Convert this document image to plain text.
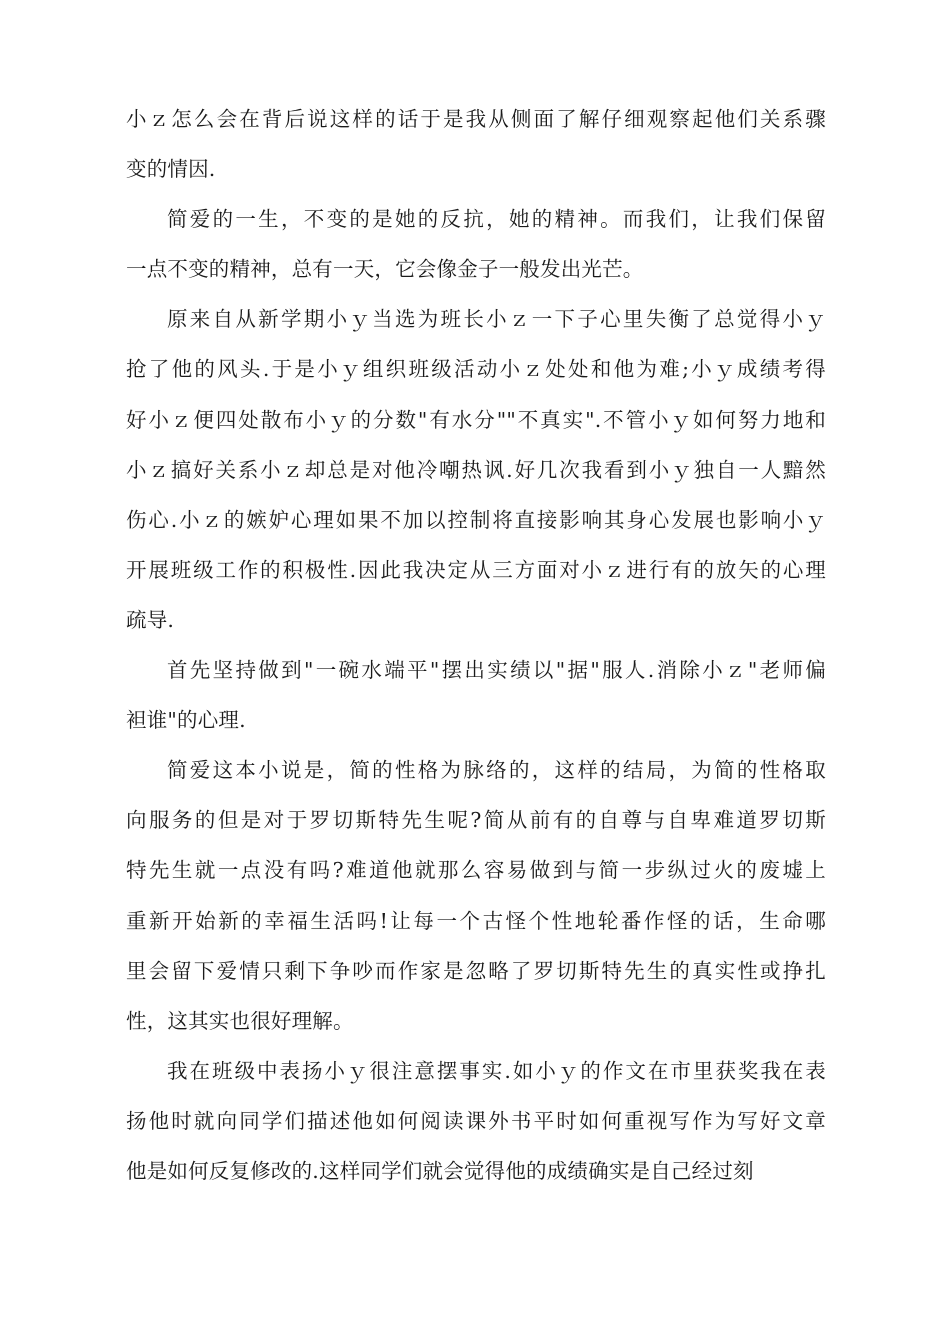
小ｚ怎么会在背后说这样的话于是我从侧面了解仔细观察起他们关系骤
变的情因.
简爱的一生，不变的是她的反抗，她的精神。而我们，让我们保留
一点不变的精神，总有一天，它会像金子一般发出光芒。
原来自从新学期小ｙ当选为班长小ｚ一下子心里失衡了总觉得小ｙ
抢了他的风头.于是小ｙ组织班级活动小ｚ处处和他为难;小ｙ成绩考得
好小ｚ便四处散布小ｙ的分数"有水分""不真实".不管小ｙ如何努力地和
小ｚ搞好关系小ｚ却总是对他冷嘲热讽.好几次我看到小ｙ独自一人黯然
伤心.小ｚ的嫉妒心理如果不加以控制将直接影响其身心发展也影响小ｙ
开展班级工作的积极性.因此我决定从三方面对小ｚ进行有的放矢的心理
疏导.
首先坚持做到"一碗水端平"摆出实绩以"据"服人.消除小ｚ"老师偏
袒谁"的心理.
简爱这本小说是，简的性格为脉络的，这样的结局，为简的性格取
向服务的但是对于罗切斯特先生呢?简从前有的自尊与自卑难道罗切斯
特先生就一点没有吗?难道他就那么容易做到与简一步纵过火的废墟上
重新开始新的幸福生活吗!让每一个古怪个性地轮番作怪的话，生命哪
里会留下爱情只剩下争吵而作家是忽略了罗切斯特先生的真实性或挣扎
性，这其实也很好理解。
我在班级中表扬小ｙ很注意摆事实.如小ｙ的作文在市里获奖我在表
扬他时就向同学们描述他如何阅读课外书平时如何重视写作为写好文章
他是如何反复修改的.这样同学们就会觉得他的成绩确实是自己经过刻
